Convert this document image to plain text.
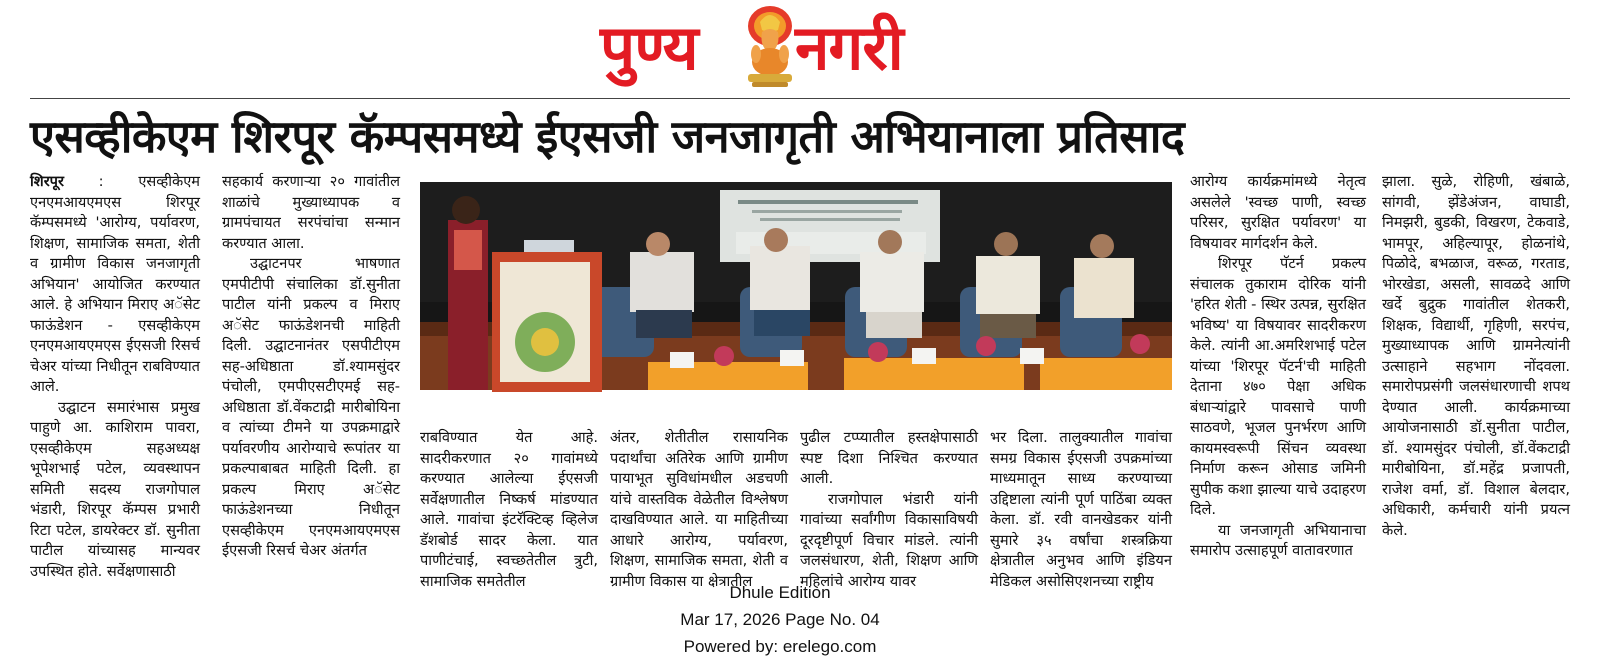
पुण्य नगरी
एसव्हीकेएम शिरपूर कॅम्पसमध्ये ईएसजी जनजागृती अभियानाला प्रतिसाद

शिरपूर : एसव्हीकेएम एनएमआयएमएस शिरपूर कॅम्पसमध्ये 'आरोग्य, पर्यावरण, शिक्षण, सामाजिक समता, शेती व ग्रामीण विकास जनजागृती अभियान' आयोजित करण्यात आले. हे अभियान मिराए अॅसेट फाऊंडेशन - एसव्हीकेएम एनएमआयएमएस ईएसजी रिसर्च चेअर यांच्या निधीतून राबविण्यात आले.

उद्घाटन समारंभास प्रमुख पाहुणे आ. काशिराम पावरा, एसव्हीकेएम सहअध्यक्ष भूपेशभाई पटेल, व्यवस्थापन समिती सदस्य राजगोपाल भंडारी, शिरपूर कॅम्पस प्रभारी रिटा पटेल, डायरेक्टर डॉ. सुनीता पाटील यांच्यासह मान्यवर उपस्थित होते. सर्वेक्षणासाठी

सहकार्य करणाऱ्या २० गावांतील शाळांचे मुख्याध्यापक व ग्रामपंचायत सरपंचांचा सन्मान करण्यात आला.

उद्घाटनपर भाषणात एमपीटीपी संचालिका डॉ.सुनीता पाटील यांनी प्रकल्प व मिराए अॅसेट फाऊंडेशनची माहिती दिली. उद्घाटनानंतर एसपीटीएम सह-अधिष्ठाता डॉ.श्यामसुंदर पंचोली, एमपीएसटीएमई सह-अधिष्ठाता डॉ.वेंकटाद्री मारीबोयिना व त्यांच्या टीमने या उपक्रमाद्वारे पर्यावरणीय आरोग्याचे रूपांतर या प्रकल्पाबाबत माहिती दिली. हा प्रकल्प मिराए अॅसेट फाऊंडेशनच्या निधीतून एसव्हीकेएम एनएमआयएमएस ईएसजी रिसर्च चेअर अंतर्गत

राबविण्यात येत आहे. सादरीकरणात २० गावांमध्ये करण्यात आलेल्या ईएसजी सर्वेक्षणातील निष्कर्ष मांडण्यात आले. गावांचा इंटरॅक्टिव्ह व्हिलेज डॅशबोर्ड सादर केला. यात पाणीटंचाई, स्वच्छतेतील त्रुटी, सामाजिक समतेतील

अंतर, शेतीतील रासायनिक पदार्थांचा अतिरेक आणि ग्रामीण पायाभूत सुविधांमधील अडचणी यांचे वास्तविक वेळेतील विश्लेषण दाखविण्यात आले. या माहितीच्या आधारे आरोग्य, पर्यावरण, शिक्षण, सामाजिक समता, शेती व ग्रामीण विकास या क्षेत्रातील

पुढील टप्प्यातील हस्तक्षेपासाठी स्पष्ट दिशा निश्चित करण्यात आली.

राजगोपाल भंडारी यांनी गावांच्या सर्वांगीण विकासाविषयी दूरदृष्टीपूर्ण विचार मांडले. त्यांनी जलसंधारण, शेती, शिक्षण आणि महिलांचे आरोग्य यावर

भर दिला. तालुक्यातील गावांचा समग्र विकास ईएसजी उपक्रमांच्या माध्यमातून साध्य करण्याच्या उद्दिष्टाला त्यांनी पूर्ण पाठिंबा व्यक्त केला. डॉ. रवी वानखेडकर यांनी सुमारे ३५ वर्षांचा शस्त्रक्रिया क्षेत्रातील अनुभव आणि इंडियन मेडिकल असोसिएशनच्या राष्ट्रीय

आरोग्य कार्यक्रमांमध्ये नेतृत्व असलेले 'स्वच्छ पाणी, स्वच्छ परिसर, सुरक्षित पर्यावरण' या विषयावर मार्गदर्शन केले.

शिरपूर पॅटर्न प्रकल्प संचालक तुकाराम दोरिक यांनी 'हरित शेती - स्थिर उत्पन्न, सुरक्षित भविष्य' या विषयावर सादरीकरण केले. त्यांनी आ.अमरिशभाई पटेल यांच्या 'शिरपूर पॅटर्न'ची माहिती देताना ४७० पेक्षा अधिक बंधाऱ्यांद्वारे पावसाचे पाणी साठवणे, भूजल पुनर्भरण आणि कायमस्वरूपी सिंचन व्यवस्था निर्माण करून ओसाड जमिनी सुपीक कशा झाल्या याचे उदाहरण दिले.

या जनजागृती अभियानाचा समारोप उत्साहपूर्ण वातावरणात

झाला. सुळे, रोहिणी, खंबाळे, सांगवी, झेंडेअंजन, वाघाडी, निमझरी, बुडकी, विखरण, टेकवाडे, भामपूर, अहिल्यापूर, होळनांथे, पिळोदे, बभळाज, वरूळ, गरताड, भोरखेडा, असली, सावळदे आणि खर्दे बुद्रुक गावांतील शेतकरी, शिक्षक, विद्यार्थी, गृहिणी, सरपंच, मुख्याध्यापक आणि ग्रामनेत्यांनी उत्साहाने सहभाग नोंदवला. समारोपप्रसंगी जलसंधारणाची शपथ देण्यात आली. कार्यक्रमाच्या आयोजनासाठी डॉ.सुनीता पाटील, डॉ. श्यामसुंदर पंचोली, डॉ.वेंकटाद्री मारीबोयिना, डॉ.महेंद्र प्रजापती, राजेश वर्मा, डॉ. विशाल बेलदार, अधिकारी, कर्मचारी यांनी प्रयत्न केले.

Dhule Edition
Mar 17, 2026 Page No. 04
Powered by: erelego.com
